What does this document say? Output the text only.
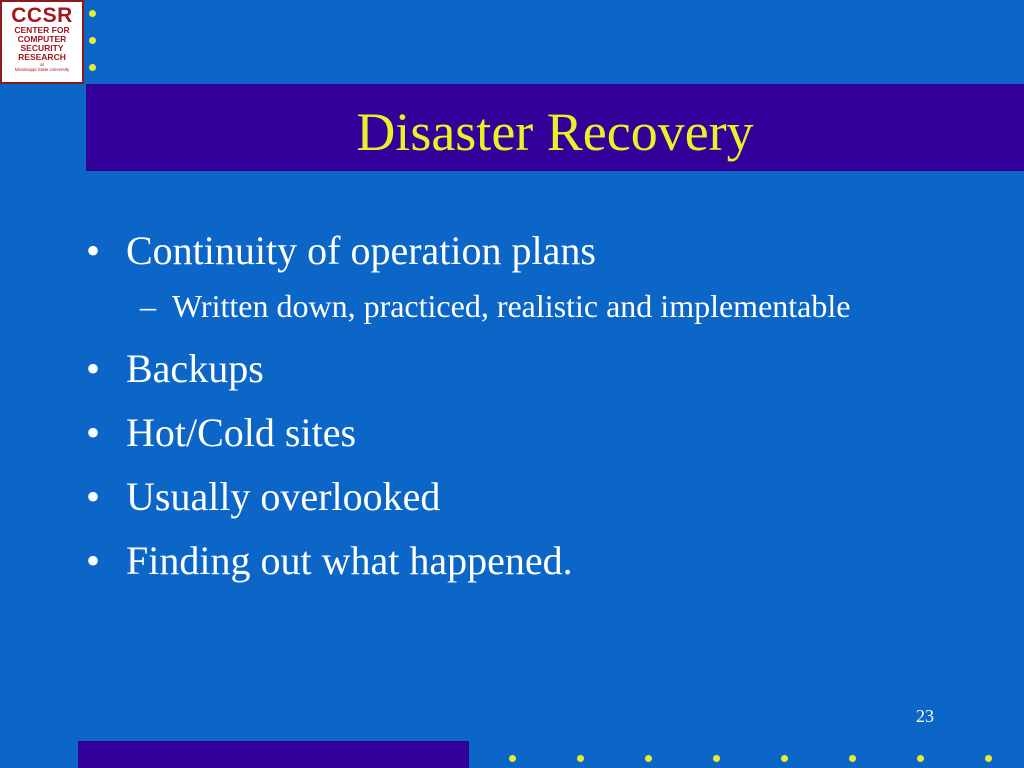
CCSR
CENTER FOR
COMPUTER
SECURITY
RESEARCH
at
Mississippi State University
Disaster Recovery
• Continuity of operation plans
– Written down, practiced, realistic and implementable
• Backups
• Hot/Cold sites
• Usually overlooked
• Finding out what happened.
23
